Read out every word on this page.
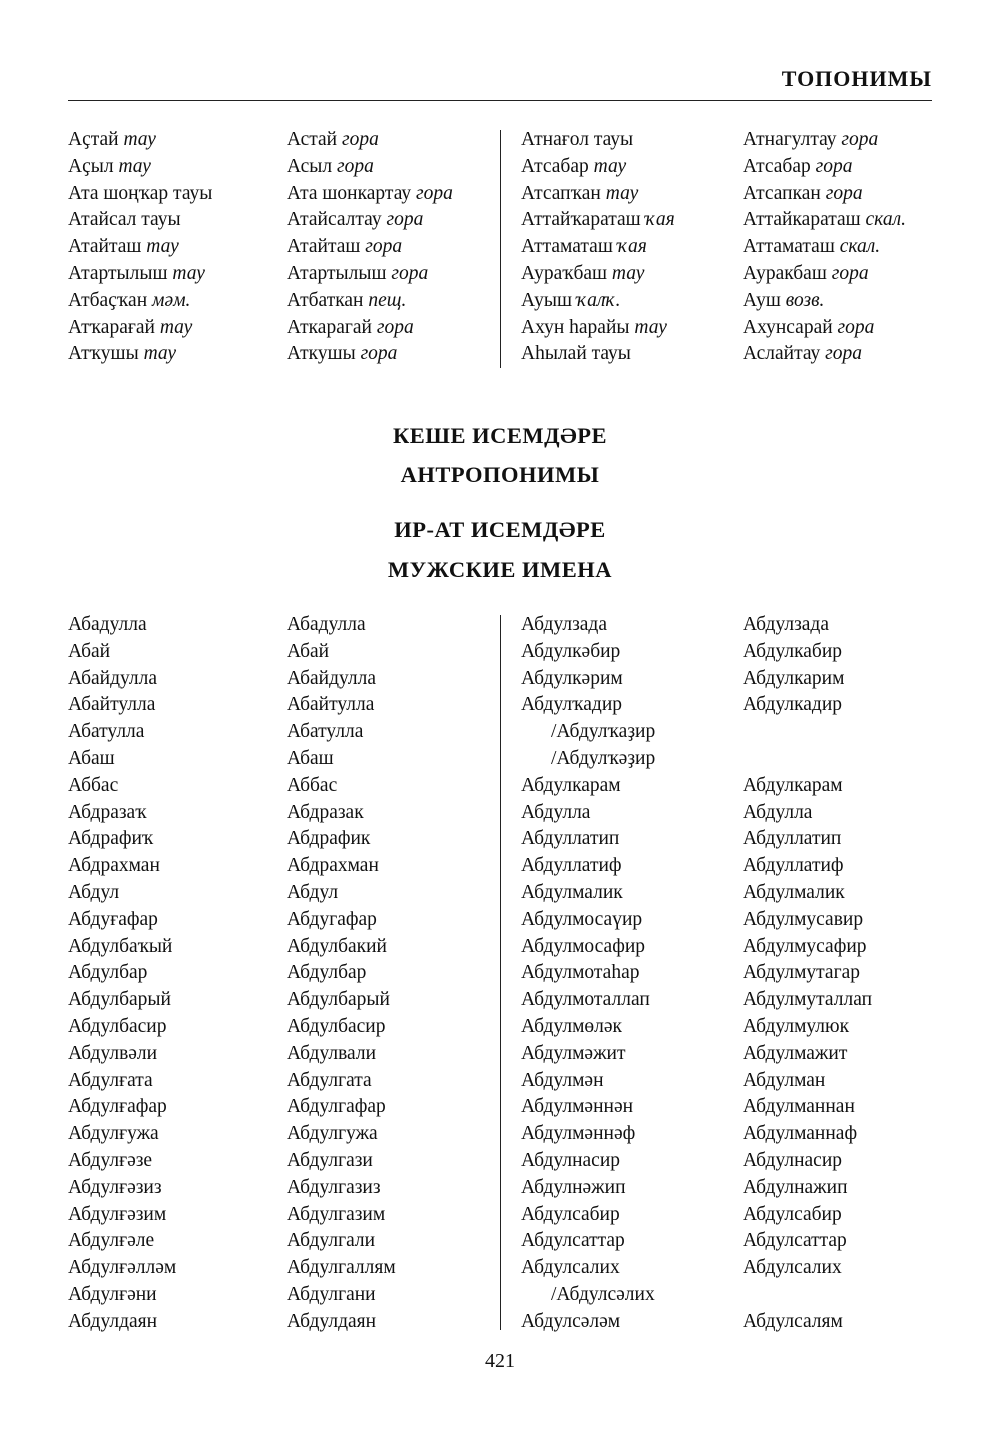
ТОПОНИМЫ
Аҫтай тау
Аҫыл тау
Ата шоңҡар тауы
Атайсал тауы
Атайташ тау
Атартылыш тау
Атбаҫҡан мәм.
Атҡарағай тау
Атҡушы тау
Астай гора
Асыл гора
Ата шонкартау гора
Атайсалтау гора
Атайташ гора
Атартылыш гора
Атбаткан пещ.
Аткарагай гора
Аткушы гора
Атнағол тауы
Атсабар тау
Атсапҡан тау
Аттайҡараташ ҡая
Аттаматаш ҡая
Аураҡбаш тау
Ауыш ҡалҡ.
Ахун һарайы тау
Аһылай тауы
Атнагултау гора
Атсабар гора
Атсапкан гора
Аттайкараташ скал.
Аттаматаш скал.
Ауракбаш гора
Ауш возв.
Ахунсарай гора
Аслайтау гора
КЕШЕ ИСЕМДӘРЕ
АНТРОПОНИМЫ
ИР-АТ ИСЕМДӘРЕ
МУЖСКИЕ ИМЕНА
Абадулла
Абай
Абайдулла
Абайтулла
Абатулла
Абаш
Аббас
Абдразаҡ
Абдрафиҡ
Абдрахман
Абдул
Абдуғафар
Абдулбаҡый
Абдулбар
Абдулбарый
Абдулбасир
Абдулвәли
Абдулғата
Абдулғафар
Абдулғужа
Абдулғәзе
Абдулғәзиз
Абдулғәзим
Абдулғәле
Абдулғәлләм
Абдулғәни
Абдулдаян
Абадулла
Абай
Абайдулла
Абайтулла
Абатулла
Абаш
Аббас
Абдразак
Абдрафик
Абдрахман
Абдул
Абдугафар
Абдулбакий
Абдулбар
Абдулбарый
Абдулбасир
Абдулвали
Абдулгата
Абдулгафар
Абдулгужа
Абдулгази
Абдулгазиз
Абдулгазим
Абдулгали
Абдулгаллям
Абдулгани
Абдулдаян
Абдулзада
Абдулкәбир
Абдулкәрим
Абдулҡадир
/Абдулҡаҙир
/Абдулҡәҙир
Абдулкарам
Абдулла
Абдуллатип
Абдуллатиф
Абдулмалик
Абдулмосаүир
Абдулмосафир
Абдулмотаһар
Абдулмоталлап
Абдулмөләк
Абдулмәжит
Абдулмән
Абдулмәннән
Абдулмәннәф
Абдулнасир
Абдулнәжип
Абдулсабир
Абдулсаттар
Абдулсалих
/Абдулсәлих
Абдулсәләм
Абдулзада
Абдулкабир
Абдулкарим
Абдулкадир
Абдулкарам
Абдулла
Абдуллатип
Абдуллатиф
Абдулмалик
Абдулмусавир
Абдулмусафир
Абдулмутагар
Абдулмуталлап
Абдулмулюк
Абдулмажит
Абдулман
Абдулманнан
Абдулманнаф
Абдулнасир
Абдулнажип
Абдулсабир
Абдулсаттар
Абдулсалих
Абдулсалям
421
